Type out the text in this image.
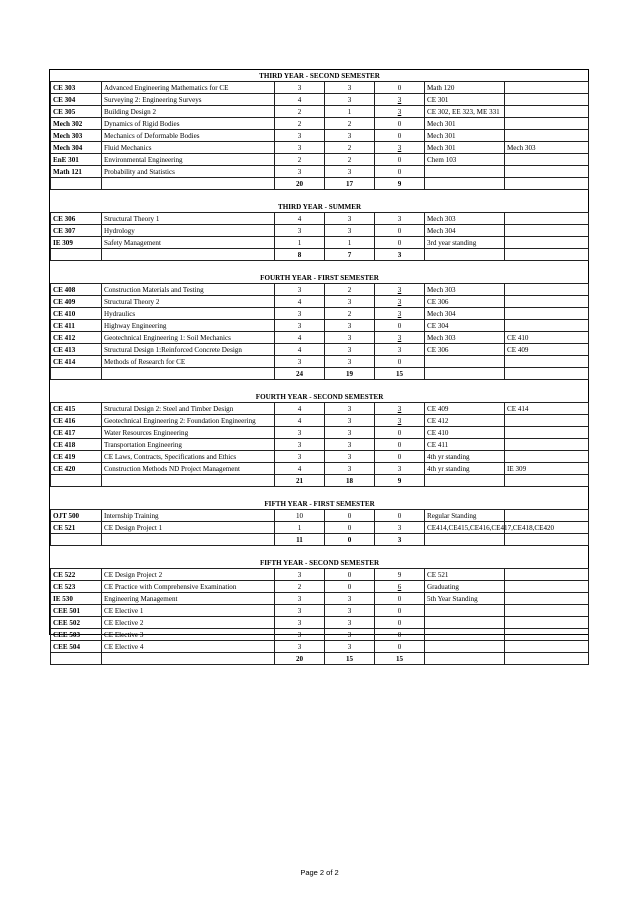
THIRD YEAR - SECOND SEMESTER						
CE 303	Advanced Engineering Mathematics for CE	3	3	0	Math 120	
CE 304	Surveying 2: Engineering Surveys	4	3	3	CE 301	
CE 305	Building Design 2	2	1	3	CE 302, EE 323, ME 331	
Mech 302	Dynamics of Rigid Bodies	2	2	0	Mech 301	
Mech 303	Mechanics of Deformable Bodies	3	3	0	Mech 301	
Mech 304	Fluid Mechanics	3	2	3	Mech 301	Mech 303
EnE 301	Environmental Engineering	2	2	0	Chem 103	
Math 121	Probability and Statistics	3	3	0		
		20	17	9		

THIRD YEAR - SUMMER						
CE 306	Structural Theory 1	4	3	3	Mech 303	
CE 307	Hydrology	3	3	0	Mech 304	
IE 309	Safety Management	1	1	0	3rd year standing	
		8	7	3		

FOURTH YEAR - FIRST SEMESTER						
CE 408	Construction Materials and Testing	3	2	3	Mech 303	
CE 409	Structural Theory 2	4	3	3	CE 306	
CE 410	Hydraulics	3	2	3	Mech 304	
CE 411	Highway Engineering	3	3	0	CE 304	
CE 412	Geotechnical Engineering 1: Soil Mechanics	4	3	3	Mech 303	CE 410
CE 413	Structural Design 1:Reinforced Concrete Design	4	3	3	CE 306	CE 409
CE 414	Methods of Research for CE	3	3	0		
		24	19	15		

FOURTH YEAR - SECOND SEMESTER						
CE 415	Structural Design 2: Steel and Timber Design	4	3	3	CE 409	CE 414
CE 416	Geotechnical Engineering 2: Foundation Engineering	4	3	3	CE 412	
CE 417	Water Resources Engineering	3	3	0	CE 410	
CE 418	Transportation Engineering	3	3	0	CE 411	
CE 419	CE Laws, Contracts, Specifications and Ethics	3	3	0	4th yr standing	
CE 420	Construction Methods ND Project Management	4	3	3	4th yr standing	IE 309
		21	18	9		

FIFTH YEAR - FIRST SEMESTER						
OJT 500	Internship Training	10	0	0	Regular Standing	
CE 521	CE Design Project 1	1	0	3	CE414,CE415,CE416,CE417,CE418,CE420	
		11	0	3		

FIFTH YEAR - SECOND SEMESTER						
CE 522	CE Design Project 2	3	0	9	CE 521	
CE 523	CE Practice with Comprehensive Examination	2	0	6	Graduating	
IE 530	Engineering Management	3	3	0	5th Year Standing	
CEE 501	CE Elective 1	3	3	0		
CEE 502	CE Elective 2	3	3	0		
CEE 503	CE Elective 3	3	3	0		
CEE 504	CE Elective 4	3	3	0		
		20	15	15		
Page 2 of 2
